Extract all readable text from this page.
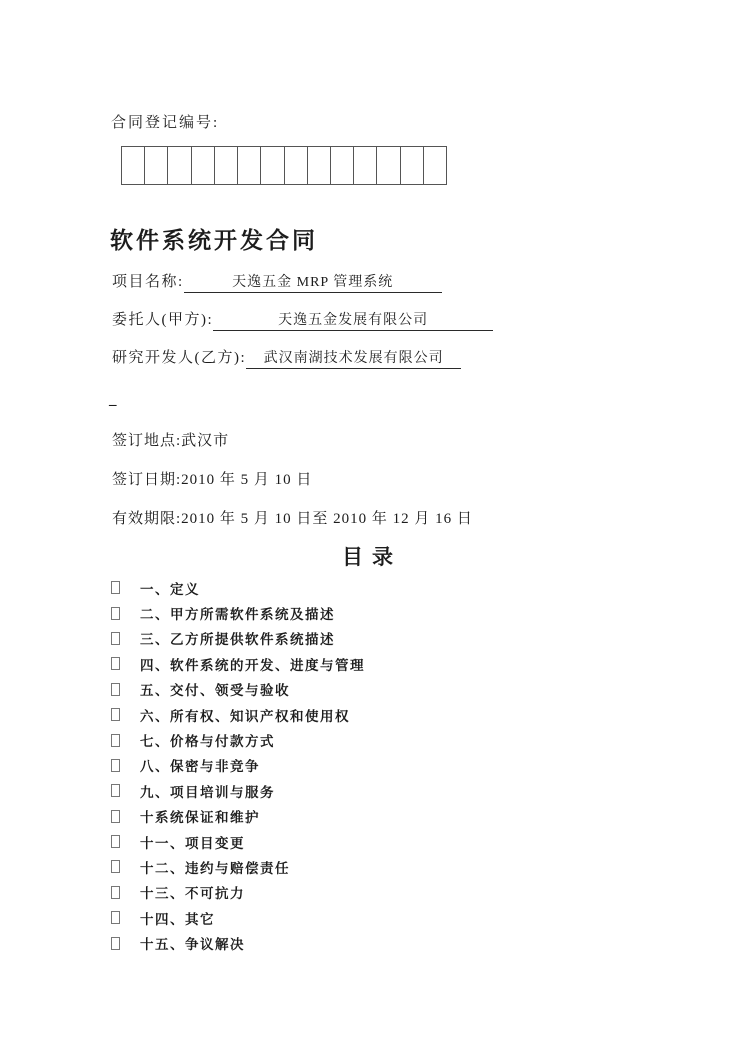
合同登记编号:
软件系统开发合同
项目名称:	天逸五金 MRP 管理系统
委托人(甲方):	天逸五金发展有限公司
研究开发人(乙方): 武汉南湖技术发展有限公司
_
签订地点:武汉市
签订日期:2010 年 5 月 10 日
有效期限:2010 年 5 月 10 日至 2010 年 12 月 16 日
目录
一、定义
二、甲方所需软件系统及描述
三、乙方所提供软件系统描述
四、软件系统的开发、进度与管理
五、交付、领受与验收
六、所有权、知识产权和使用权
七、价格与付款方式
八、保密与非竞争
九、项目培训与服务
十系统保证和维护
十一、项目变更
十二、违约与赔偿责任
十三、不可抗力
十四、其它
十五、争议解决
